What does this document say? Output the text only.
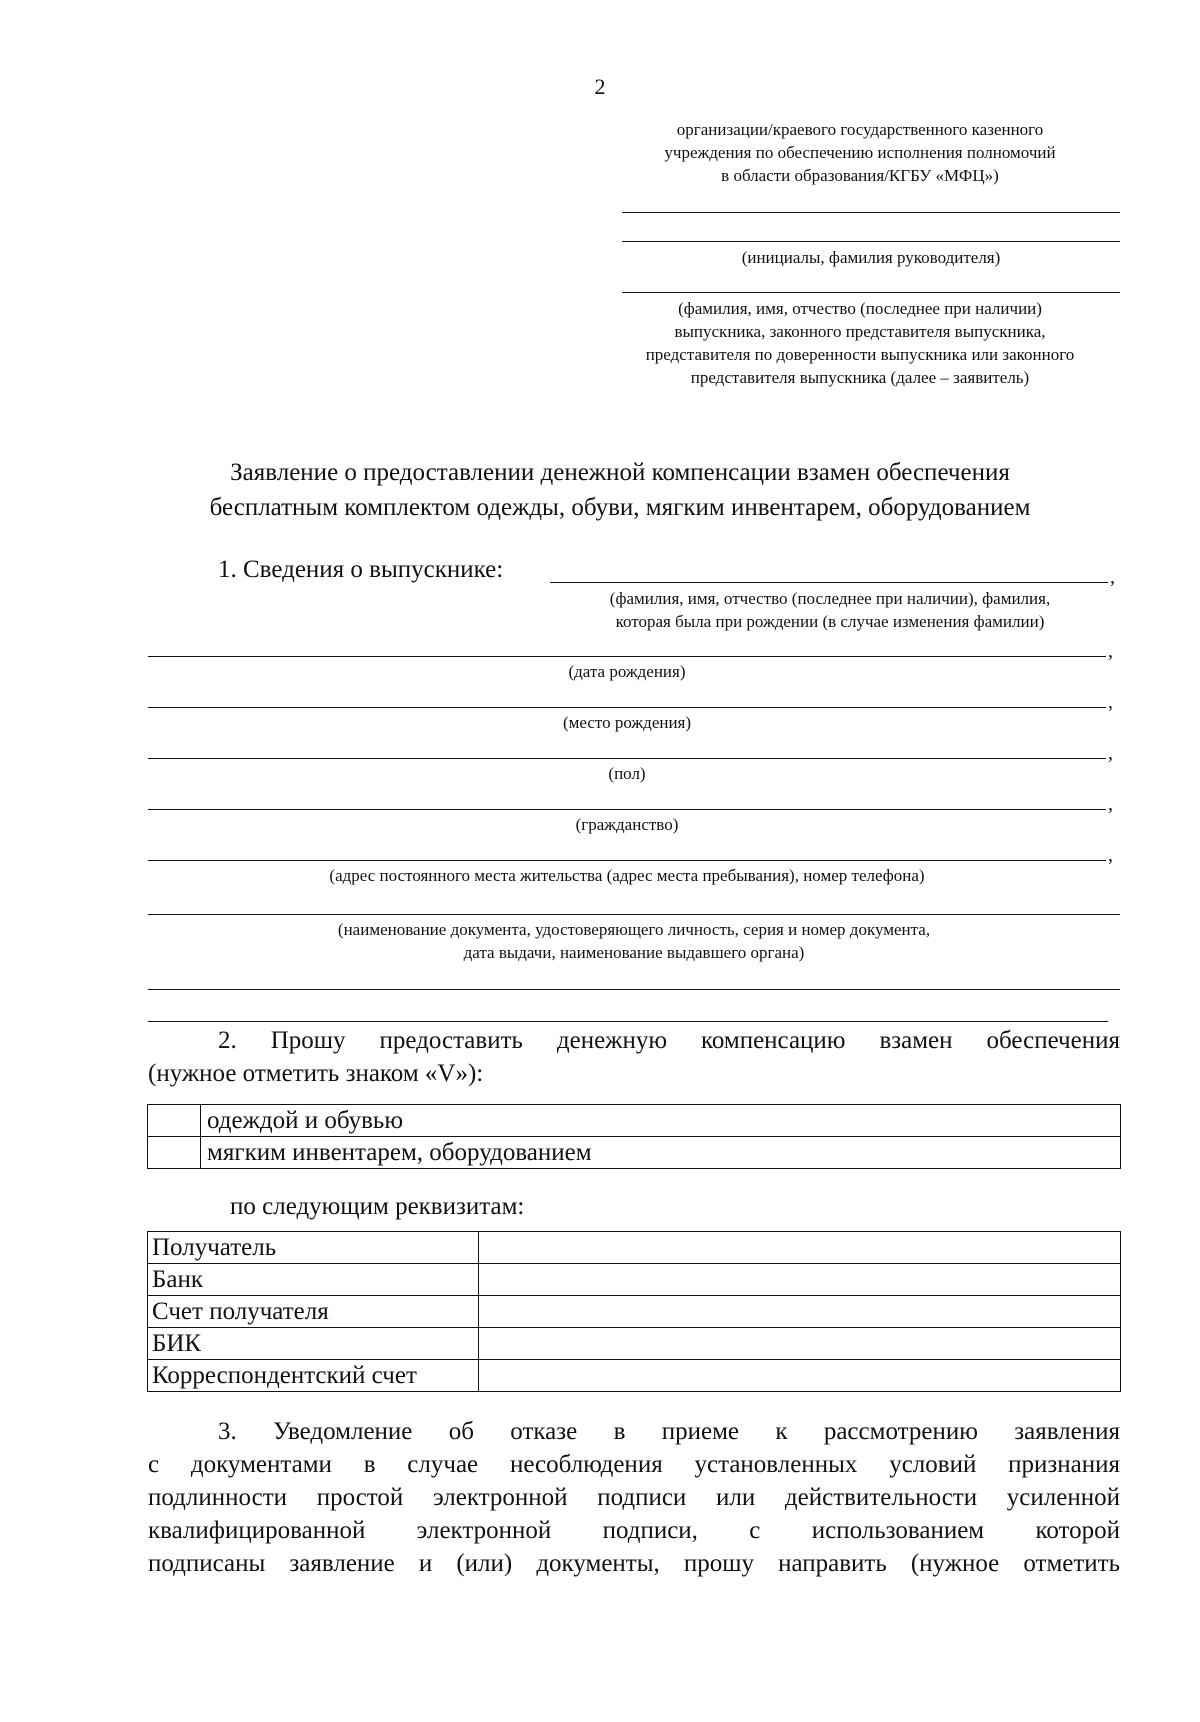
2
организации/краевого государственного казенного
учреждения по обеспечению исполнения полномочий
в области образования/КГБУ «МФЦ»)
(инициалы, фамилия руководителя)
(фамилия, имя, отчество (последнее при наличии)
выпускника, законного представителя выпускника,
представителя по доверенности выпускника или законного
представителя выпускника (далее – заявитель)
Заявление о предоставлении денежной компенсации взамен обеспечения
бесплатным комплектом одежды, обуви, мягким инвентарем, оборудованием
1. Сведения о выпускнике:	,
(фамилия, имя, отчество (последнее при наличии), фамилия,
которая была при рождении (в случае изменения фамилии)
,
(дата рождения)
,
(место рождения)
,
(пол)
,
(гражданство)
,
(адрес постоянного места жительства (адрес места пребывания), номер телефона)
(наименование документа, удостоверяющего личность, серия и номер документа,
дата выдачи, наименование выдавшего органа)
2. Прошу предоставить денежную компенсацию взамен обеспечения
(нужное отметить знаком «V»):
	одеждой и обувью
	мягким инвентарем, оборудованием
по следующим реквизитам:
Получатель	
Банк	
Счет получателя	
БИК	
Корреспондентский счет	
3. Уведомление об отказе в приеме к рассмотрению заявления
с документами в случае несоблюдения установленных условий признания
подлинности простой электронной подписи или действительности усиленной
квалифицированной электронной подписи, с использованием которой
подписаны заявление и (или) документы, прошу направить (нужное отметить
